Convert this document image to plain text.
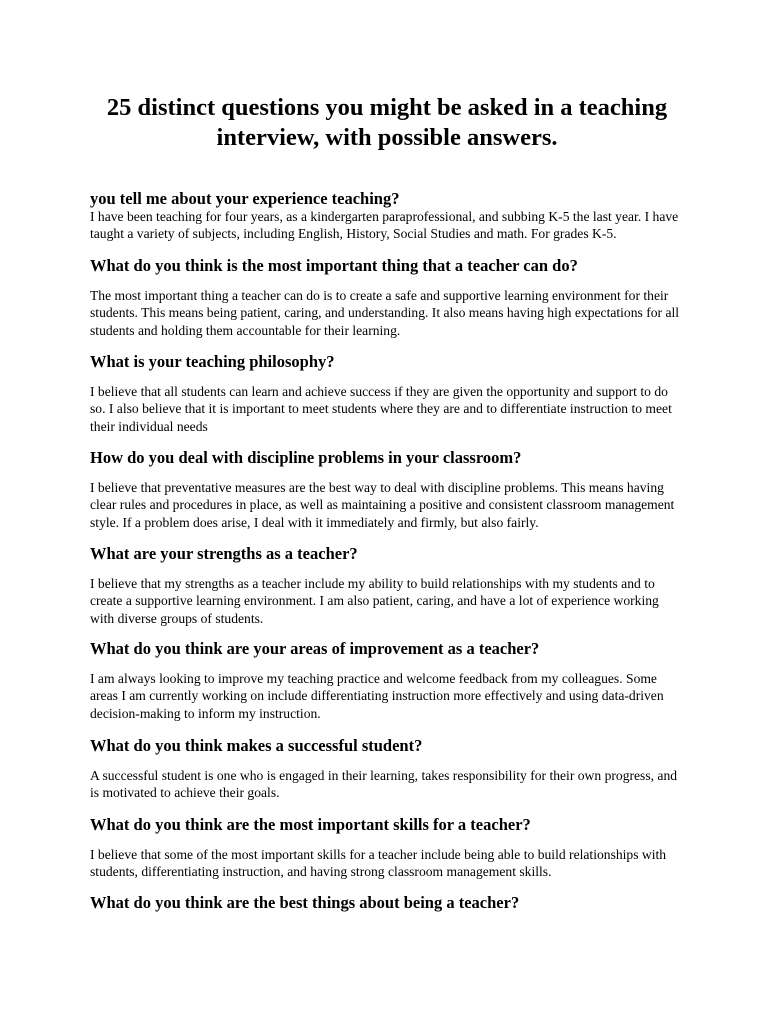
25 distinct questions you might be asked in a teaching interview, with possible answers.
you tell me about your experience teaching?

I have been teaching for four years, as a kindergarten paraprofessional, and subbing K-5 the last year. I have taught a variety of subjects, including English, History, Social Studies and math. For grades K-5.

What do you think is the most important thing that a teacher can do?

The most important thing a teacher can do is to create a safe and supportive learning environment for their students. This means being patient, caring, and understanding. It also means having high expectations for all students and holding them accountable for their learning.

What is your teaching philosophy?

I believe that all students can learn and achieve success if they are given the opportunity and support to do so. I also believe that it is important to meet students where they are and to differentiate instruction to meet their individual needs

How do you deal with discipline problems in your classroom?

I believe that preventative measures are the best way to deal with discipline problems. This means having clear rules and procedures in place, as well as maintaining a positive and consistent classroom management style. If a problem does arise, I deal with it immediately and firmly, but also fairly.

What are your strengths as a teacher?

I believe that my strengths as a teacher include my ability to build relationships with my students and to create a supportive learning environment. I am also patient, caring, and have a lot of experience working with diverse groups of students.

What do you think are your areas of improvement as a teacher?

I am always looking to improve my teaching practice and welcome feedback from my colleagues. Some areas I am currently working on include differentiating instruction more effectively and using data-driven decision-making to inform my instruction.

What do you think makes a successful student?

A successful student is one who is engaged in their learning, takes responsibility for their own progress, and is motivated to achieve their goals.

What do you think are the most important skills for a teacher?

I believe that some of the most important skills for a teacher include being able to build relationships with students, differentiating instruction, and having strong classroom management skills.

What do you think are the best things about being a teacher?
